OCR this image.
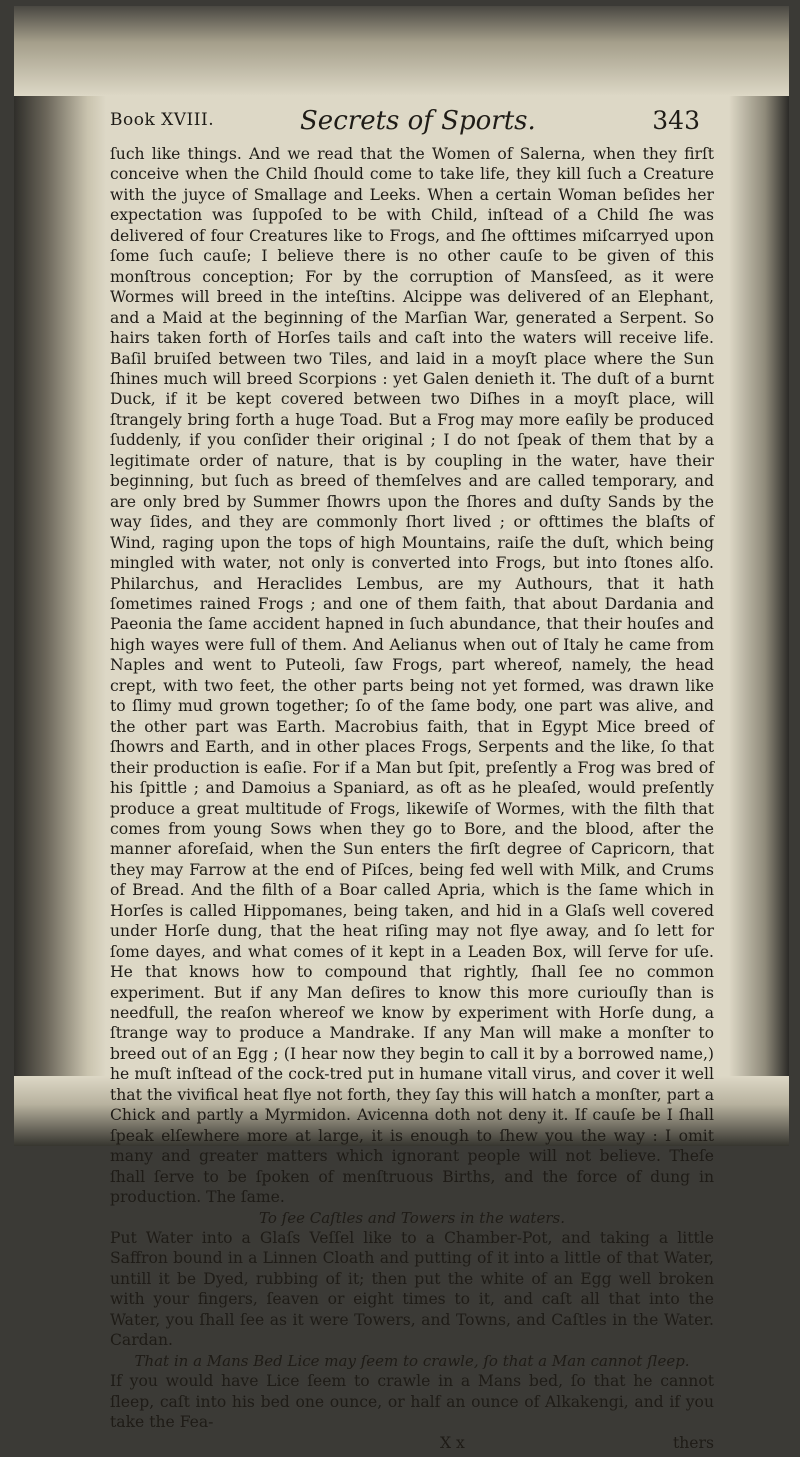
Book XVIII.	Secrets of Sports.	343

ſuch like things. And we read that the Women of Salerna, when they firſt conceive when the Child ſhould come to take life, they kill ſuch a Creature with the juyce of Smallage and Leeks. When a certain Woman beſides her expectation was ſuppoſed to be with Child, inſtead of a Child ſhe was delivered of four Creatures like to Frogs, and ſhe ofttimes miſcarryed upon ſome ſuch cauſe; I believe there is no other cauſe to be given of this monſtrous conception; For by the corruption of Mansſeed, as it were Wormes will breed in the inteſtins. Alcippe was delivered of an Elephant, and a Maid at the beginning of the Marſian War, generated a Serpent. So hairs taken forth of Horſes tails and caſt into the waters will receive life. Baſil bruiſed between two Tiles, and laid in a moyſt place where the Sun ſhines much will breed Scorpions : yet Galen denieth it. The duſt of a burnt Duck, if it be kept covered between two Diſhes in a moyſt place, will ſtrangely bring forth a huge Toad. But a Frog may more eaſily be produced ſuddenly, if you conſider their original ; I do not ſpeak of them that by a legitimate order of nature, that is by coupling in the water, have their beginning, but ſuch as breed of themſelves and are called temporary, and are only bred by Summer ſhowrs upon the ſhores and duſty Sands by the way ſides, and they are commonly ſhort lived ; or ofttimes the blaſts of Wind, raging upon the tops of high Mountains, raiſe the duſt, which being mingled with water, not only is converted into Frogs, but into ſtones alſo. Philarchus, and Heraclides Lembus, are my Authours, that it hath ſometimes rained Frogs ; and one of them faith, that about Dardania and Paeonia the ſame accident hapned in ſuch abundance, that their houſes and high wayes were full of them. And Aelianus when out of Italy he came from Naples and went to Puteoli, ſaw Frogs, part whereof, namely, the head crept, with two feet, the other parts being not yet formed, was drawn like to ſlimy mud grown together; ſo of the ſame body, one part was alive, and the other part was Earth. Macrobius faith, that in Egypt Mice breed of ſhowrs and Earth, and in other places Frogs, Serpents and the like, ſo that their production is eaſie. For if a Man but ſpit, preſently a Frog was bred of his ſpittle ; and Damoius a Spaniard, as oft as he pleaſed, would preſently produce a great multitude of Frogs, likewiſe of Wormes, with the filth that comes from young Sows when they go to Bore, and the blood, after the manner aforeſaid, when the Sun enters the firſt degree of Capricorn, that they may Farrow at the end of Piſces, being fed well with Milk, and Crums of Bread. And the filth of a Boar called Apria, which is the ſame which in Horſes is called Hippomanes, being taken, and hid in a Glaſs well covered under Horſe dung, that the heat riſing may not flye away, and ſo lett for ſome dayes, and what comes of it kept in a Leaden Box, will ſerve for uſe. He that knows how to compound that rightly, ſhall ſee no common experiment. But if any Man deſires to know this more curiouſly than is needfull, the reaſon whereof we know by experiment with Horſe dung, a ſtrange way to produce a Mandrake. If any Man will make a monſter to breed out of an Egg ; (I hear now they begin to call it by a borrowed name,) he muſt inſtead of the cock-tred put in humane vitall virus, and cover it well that the vivifical heat flye not forth, they ſay this will hatch a monſter, part a Chick and partly a Myrmidon. Avicenna doth not deny it. If cauſe be I ſhall ſpeak elſewhere more at large, it is enough to ſhew you the way : I omit many and greater matters which ignorant people will not believe. Theſe ſhall ſerve to be ſpoken of menſtruous Births, and the force of dung in production. The ſame.

To ſee Caſtles and Towers in the waters.

Put Water into a Glaſs Veſſel like to a Chamber-Pot, and taking a little Saffron bound in a Linnen Cloath and putting of it into a little of that Water, untill it be Dyed, rubbing of it; then put the white of an Egg well broken with your fingers, ſeaven or eight times to it, and caſt all that into the Water, you ſhall ſee as it were Towers, and Towns, and Caſtles in the Water. Cardan.

That in a Mans Bed Lice may ſeem to crawle, ſo that a Man cannot ſleep.

If you would have Lice ſeem to crawle in a Mans bed, ſo that he cannot ſleep, caſt into his bed one ounce, or half an ounce of Alkakengi, and if you take the Fea-

X x	thers
